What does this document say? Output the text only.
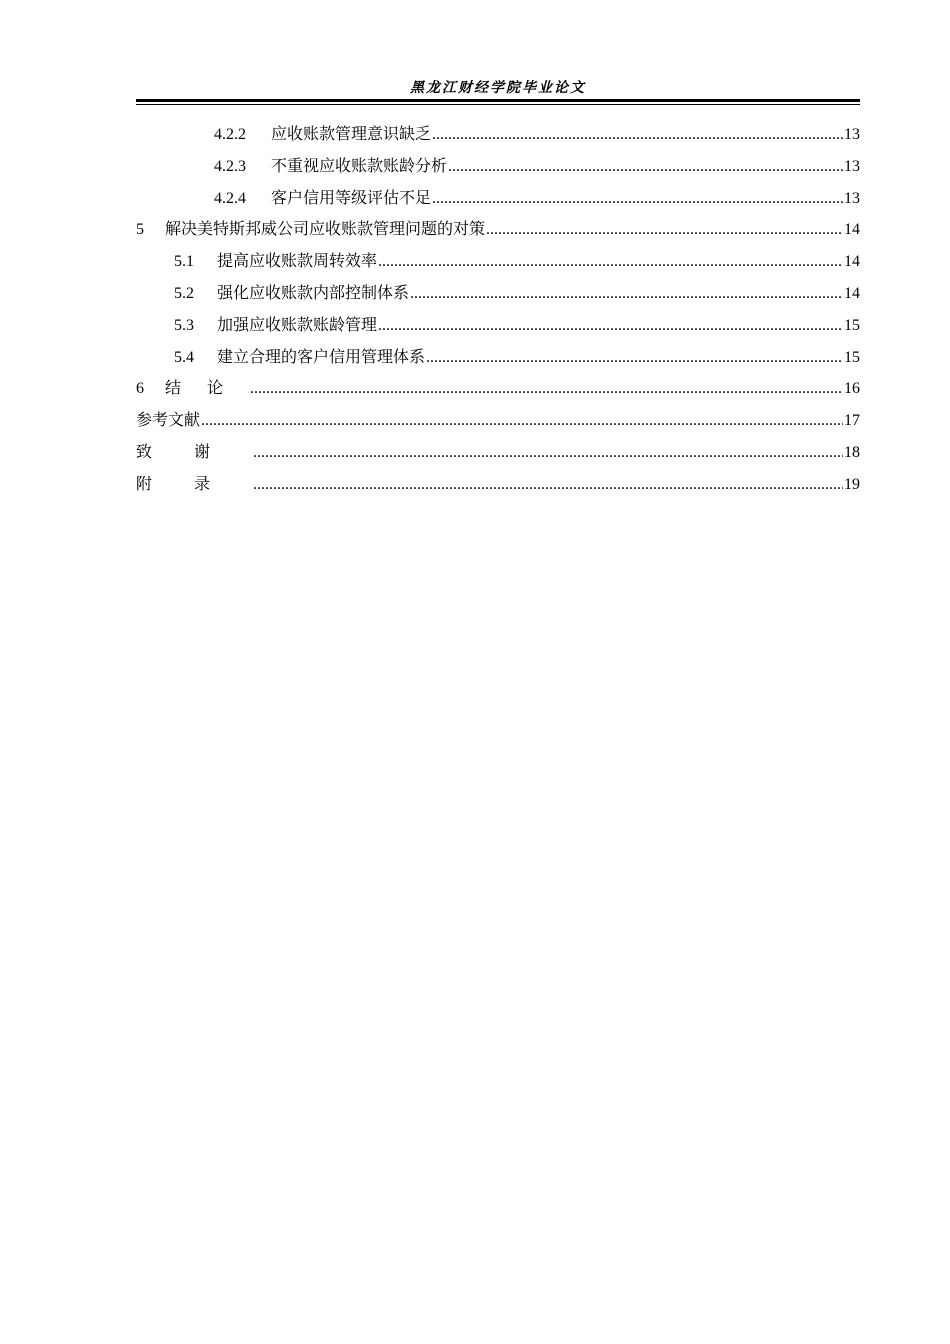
黑龙江财经学院毕业论文
4.2.2	应收账款管理意识缺乏 .....	13
4.2.3	不重视应收账款账龄分析 .....	13
4.2.4	客户信用等级评估不足 .....	13
5	解决美特斯邦威公司应收账款管理问题的对策 .....	14
5.1	提高应收账款周转效率 .....	14
5.2	强化应收账款内部控制体系 .....	14
5.3	加强应收账款账龄管理 .....	15
5.4	建立合理的客户信用管理体系 .....	15
6	结论 .....	16
参考文献 .....	17
致谢 .....	18
附录 .....	19
